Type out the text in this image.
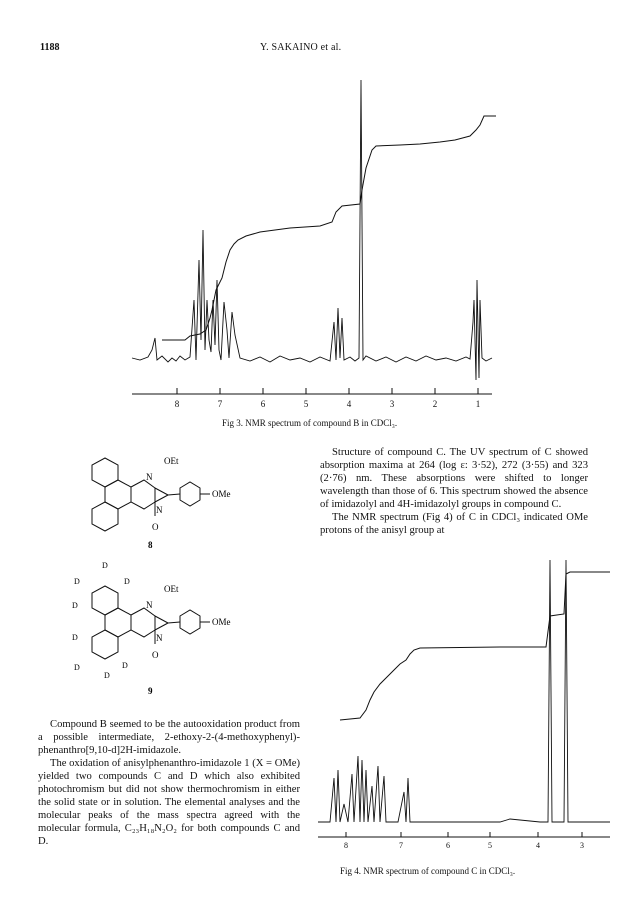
1188	Y. SAKAINO et al.
8	7	6	5	4	3	2	1
Fig 3. NMR spectrum of compound B in CDCl₃.
N
OEt
OMe
N
O
8
D
D	D
D
D
D
D
D
N
OEt
OMe
N
O
9

Structure of compound C. The UV spectrum of C showed absorption maxima at 264 (log ε: 3·52), 272 (3·55) and 323 (2·76) nm. These absorptions were shifted to longer wavelength than those of 6. This spectrum showed the absence of imidazolyl and 4H-imidazolyl groups in compound C.

The NMR spectrum (Fig 4) of C in CDCl₃ indicated OMe protons of the anisyl group at

Compound B seemed to be the autooxidation product from a possible intermediate, 2-ethoxy-2-(4-methoxyphenyl)-phenanthro[9,10-d]2H-imidazole.

The oxidation of anisylphenanthro-imidazole 1 (X = OMe) yielded two compounds C and D which also exhibited photochromism but did not show thermochromism in either the solid state or in solution. The elemental analyses and the molecular peaks of the mass spectra agreed with the molecular formula, C₂₃H₁₈N₂O₂ for both compounds C and D.	8	7	6	5	4	3
Fig 4. NMR spectrum of compound C in CDCl₃.
